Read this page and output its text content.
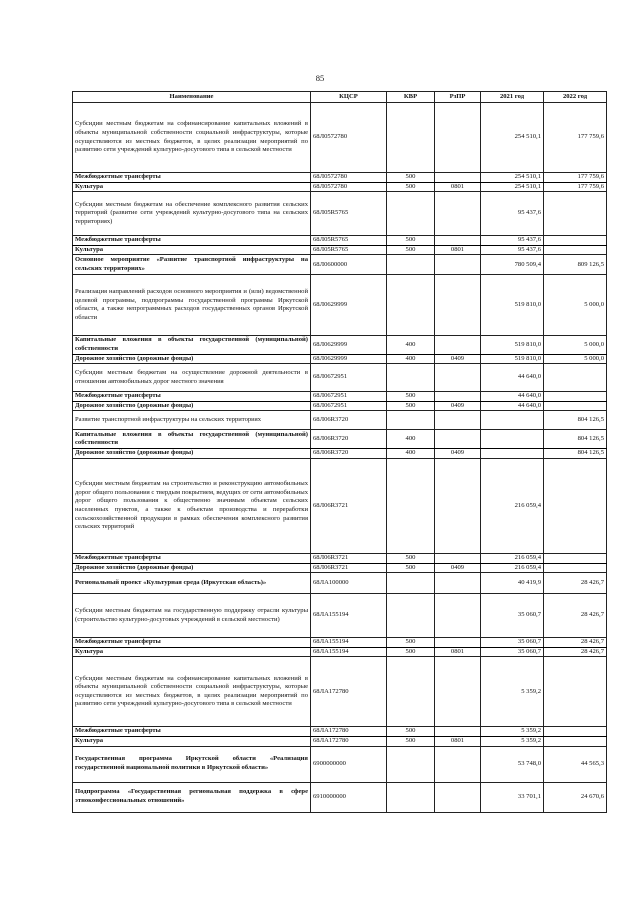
85
Наименование	КЦСР	КВР	РзПР	2021 год	2022 год
Субсидии местным бюджетам на софинансирование капитальных вложений в объекты муниципальной собственности социальной инфраструктуры, которые осуществляются из местных бюджетов, в целях реализации мероприятий по развитию сети учреждений культурно-досугового типа в сельской местности	68Л0572780			254 510,1	177 759,6
Межбюджетные трансферты	68Л0572780	500		254 510,1	177 759,6
Культура	68Л0572780	500	0801	254 510,1	177 759,6
Субсидии местным бюджетам на обеспечение комплексного развития сельских территорий (развитие сети учреждений культурно-досугового типа на сельских территориях)	68Л05R5765			95 437,6	
Межбюджетные трансферты	68Л05R5765	500		95 437,6	
Культура	68Л05R5765	500	0801	95 437,6	
Основное мероприятие «Развитие транспортной инфраструктуры на сельских территориях»	68Л0600000			780 509,4	809 126,5
Реализация направлений расходов основного мероприятия и (или) ведомственной целевой программы, подпрограммы государственной программы Иркутской области, а также непрограммных расходов государственных органов Иркутской области	68Л0629999			519 810,0	5 000,0
Капитальные вложения в объекты государственной (муниципальной) собственности	68Л0629999	400		519 810,0	5 000,0
Дорожное хозяйство (дорожные фонды)	68Л0629999	400	0409	519 810,0	5 000,0
Субсидии местным бюджетам на осуществление дорожной деятельности в отношении автомобильных дорог местного значения	68Л0672951			44 640,0	
Межбюджетные трансферты	68Л0672951	500		44 640,0	
Дорожное хозяйство (дорожные фонды)	68Л0672951	500	0409	44 640,0	
Развитие транспортной инфраструктуры на сельских территориях	68Л06R3720				804 126,5
Капитальные вложения в объекты государственной (муниципальной) собственности	68Л06R3720	400			804 126,5
Дорожное хозяйство (дорожные фонды)	68Л06R3720	400	0409		804 126,5
Субсидии местным бюджетам на строительство и реконструкцию автомобильных дорог общего пользования с твердым покрытием, ведущих от сети автомобильных дорог общего пользования к общественно значимым объектам сельских населенных пунктов, а также к объектам производства и переработки сельскохозяйственной продукции в рамках обеспечения комплексного развития сельских территорий	68Л06R3721			216 059,4	
Межбюджетные трансферты	68Л06R3721	500		216 059,4	
Дорожное хозяйство (дорожные фонды)	68Л06R3721	500	0409	216 059,4	
Региональный проект «Культурная среда (Иркутская область)»	68ЛА100000			40 419,9	28 426,7
Субсидии местным бюджетам на государственную поддержку отрасли культуры (строительство культурно-досуговых учреждений в сельской местности)	68ЛА155194			35 060,7	28 426,7
Межбюджетные трансферты	68ЛА155194	500		35 060,7	28 426,7
Культура	68ЛА155194	500	0801	35 060,7	28 426,7
Субсидии местным бюджетам на софинансирование капитальных вложений в объекты муниципальной собственности социальной инфраструктуры, которые осуществляются из местных бюджетов, в целях реализации мероприятий по развитию сети учреждений культурно-досугового типа в сельской местности	68ЛА172780			5 359,2	
Межбюджетные трансферты	68ЛА172780	500		5 359,2	
Культура	68ЛА172780	500	0801	5 359,2	
Государственная программа Иркутской области «Реализация государственной национальной политики в Иркутской области»	6900000000			53 748,0	44 565,3
Подпрограмма «Государственная региональная поддержка в сфере этноконфессиональных отношений»	6910000000			33 701,1	24 670,6
